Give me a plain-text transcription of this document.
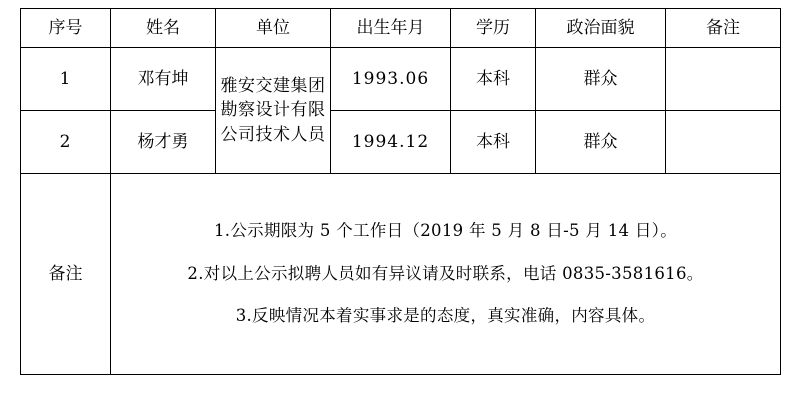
序号	姓名	单位	出生年月	学历	政治面貌	备注
1	邓有坤	雅安交建集团勘察设计有限公司技术人员	1993.06	本科	群众	
2	杨才勇		1994.12	本科	群众	
备注	1.公示期限为 5 个工作日（2019 年 5 月 8 日-5 月 14 日）。

2.对以上公示拟聘人员如有异议请及时联系，电话 0835-3581616。

3.反映情况本着实事求是的态度，真实准确，内容具体。					
